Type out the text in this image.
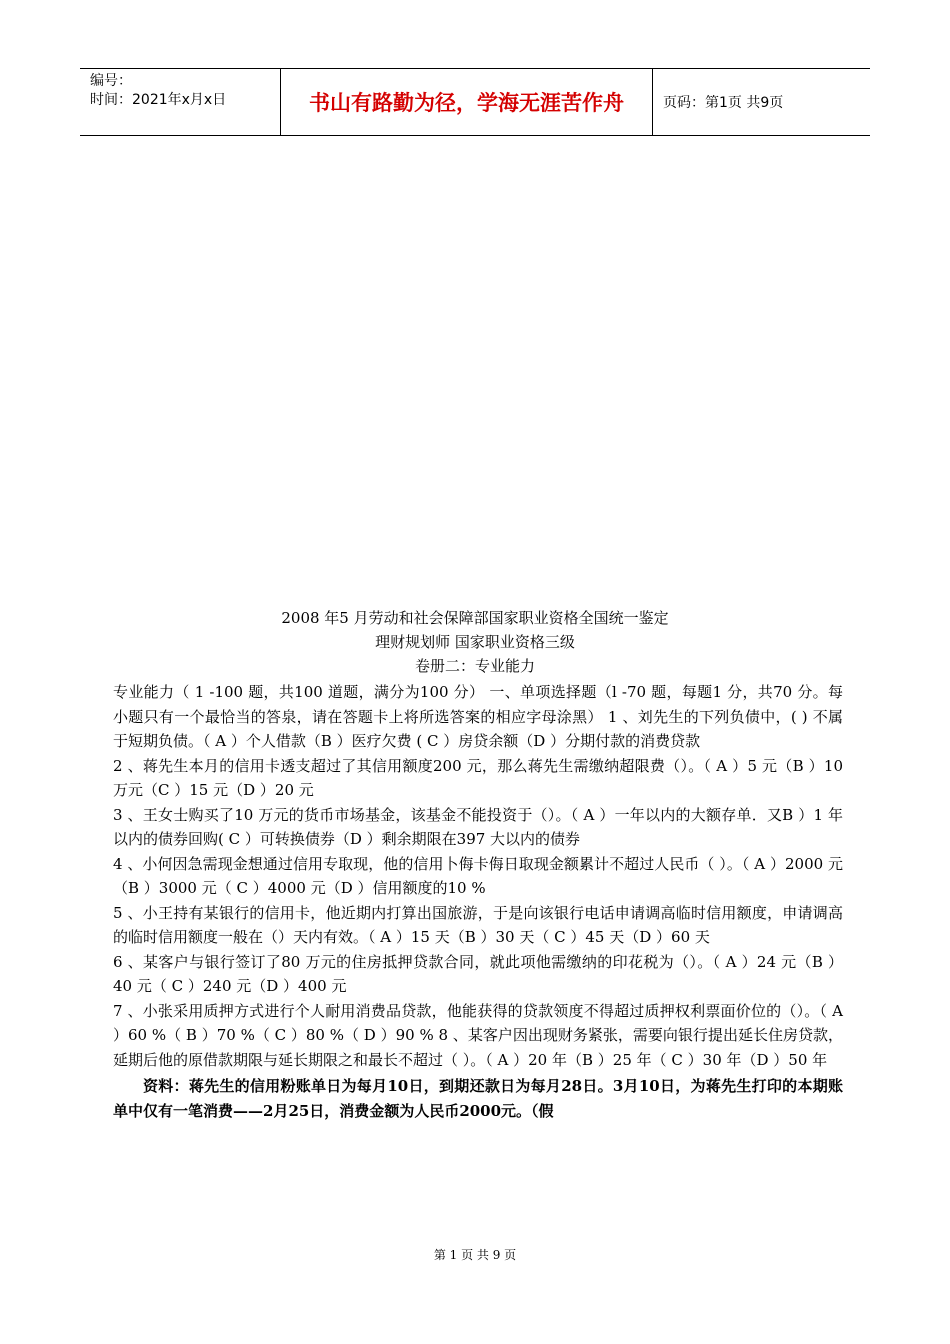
编号：
时间：2021年x月x日	书山有路勤为径，学海无涯苦作舟	页码：第1页 共9页
2008 年5 月劳动和社会保障部国家职业资格全国统一鉴定
理财规划师 国家职业资格三级
卷册二：专业能力

专业能力（ 1 -100 题，共100 道题，满分为100 分） 一、单项选择题（l -70 题，每题1 分，共70 分。每小题只有一个最恰当的答泉，请在答题卡上将所选答案的相应字母涂黑） 1 、刘先生的下列负债中，( ) 不属于短期负债。（ A ）个人借款（B ）医疗欠费 ( C ）房贷余额（D ）分期付款的消费贷款

2 、蒋先生本月的信用卡透支超过了其信用额度200 元，那么蒋先生需缴纳超限费（）。（ A ）5 元（B ）10 万元（C ）15 元（D ）20 元

3 、王女士购买了10 万元的货币市场基金，该基金不能投资于（）。（ A ）一年以内的大额存单．又B ）1 年以内的债券回购( C ）可转换债券（D ）剩余期限在397 大以内的债券

4 、小何因急需现金想通过信用专取现，他的信用卜侮卡侮日取现金额累计不超过人民币（ ）。（ A ）2000 元（B ）3000 元（ C ）4000 元（D ）信用额度的10 %

5 、小王持有某银行的信用卡，他近期内打算出国旅游，于是向该银行电话申请调高临时信用额度，申请调高的临时信用额度一般在（）天内有效。（ A ）15 天（B ）30 天（ C ）45 天（D ）60 天

6 、某客户与银行签订了80 万元的住房抵押贷款合同，就此项他需缴纳的印花税为（）。（ A ）24 元（B ）40 元（ C ）240 元（D ）400 元

7 、小张采用质押方式进行个人耐用消费品贷款，他能获得的贷款领度不得超过质押权利票面价位的（）。（ A ）60 %（ B ）70 %（ C ）80 %（ D ）90 % 8 、某客户因出现财务紧张，需要向银行提出延长住房贷款，延期后他的原借款期限与延长期限之和最长不超过（ ）。（ A ）20 年（B ）25 年（ C ）30 年（D ）50 年

资料：蒋先生的信用粉账单日为每月10日，到期还款日为每月28日。3月10日，为蒋先生打印的本期账单中仅有一笔消费——2月25日，消费金额为人民币2000元。（假

第 1 页 共 9 页
